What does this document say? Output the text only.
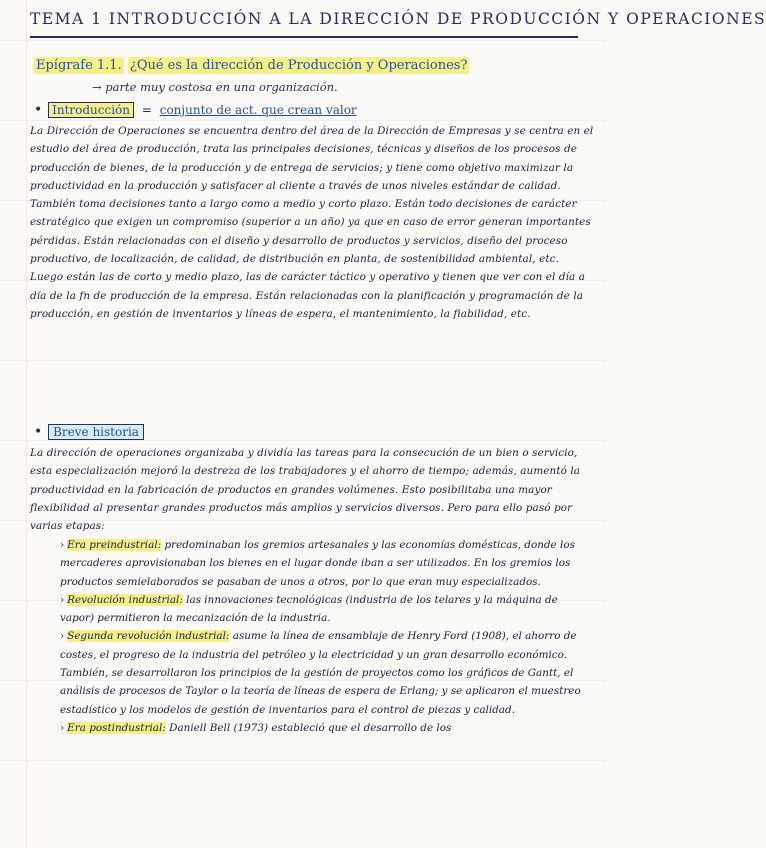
TEMA 1 INTRODUCCIÓN A LA DIRECCIÓN DE PRODUCCIÓN Y OPERACIONES
Epígrafe 1.1. ¿Qué es la dirección de Producción y Operaciones?
→ parte muy costosa en una organización.
• Introducción = conjunto de act. que crean valor

La Dirección de Operaciones se encuentra dentro del área de la Dirección de Empresas y se centra en el estudio del área de producción, trata las principales decisiones, técnicas y diseños de los procesos de producción de bienes, de la producción y de entrega de servicios; y tiene como objetivo maximizar la productividad en la producción y satisfacer al cliente a través de unos niveles estándar de calidad.

También toma decisiones tanto a largo como a medio y corto plazo. Están todo decisiones de carácter estratégico que exigen un compromiso (superior a un año) ya que en caso de error generan importantes pérdidas. Están relacionadas con el diseño y desarrollo de productos y servicios, diseño del proceso productivo, de localización, de calidad, de distribución en planta, de sostenibilidad ambiental, etc.

Luego están las de corto y medio plazo, las de carácter táctico y operativo y tienen que ver con el día a día de la fn de producción de la empresa. Están relacionadas con la planificación y programación de la producción, en gestión de inventarios y líneas de espera, el mantenimiento, la fiabilidad, etc.

• Breve historia

La dirección de operaciones organizaba y dividía las tareas para la consecución de un bien o servicio, esta especialización mejoró la destreza de los trabajadores y el ahorro de tiempo; además, aumentó la productividad en la fabricación de productos en grandes volúmenes. Esto posibilitaba una mayor flexibilidad al presentar grandes productos más amplios y servicios diversos. Pero para ello pasó por varias etapas:

› Era preindustrial: predominaban los gremios artesanales y las economías domésticas, donde los mercaderes aprovisionaban los bienes en el lugar donde iban a ser utilizados. En los gremios los productos semielaborados se pasaban de unos a otros, por lo que eran muy especializados.

› Revolución industrial: las innovaciones tecnológicas (industria de los telares y la máquina de vapor) permitieron la mecanización de la industria.

› Segunda revolución industrial: asume la línea de ensamblaje de Henry Ford (1908), el ahorro de costes, el progreso de la industria del petróleo y la electricidad y un gran desarrollo económico. También, se desarrollaron los principios de la gestión de proyectos como los gráficos de Gantt, el análisis de procesos de Taylor o la teoría de líneas de espera de Erlang; y se aplicaron el muestreo estadístico y los modelos de gestión de inventarios para el control de piezas y calidad.

› Era postindustrial: Daniell Bell (1973) estableció que el desarrollo de los
